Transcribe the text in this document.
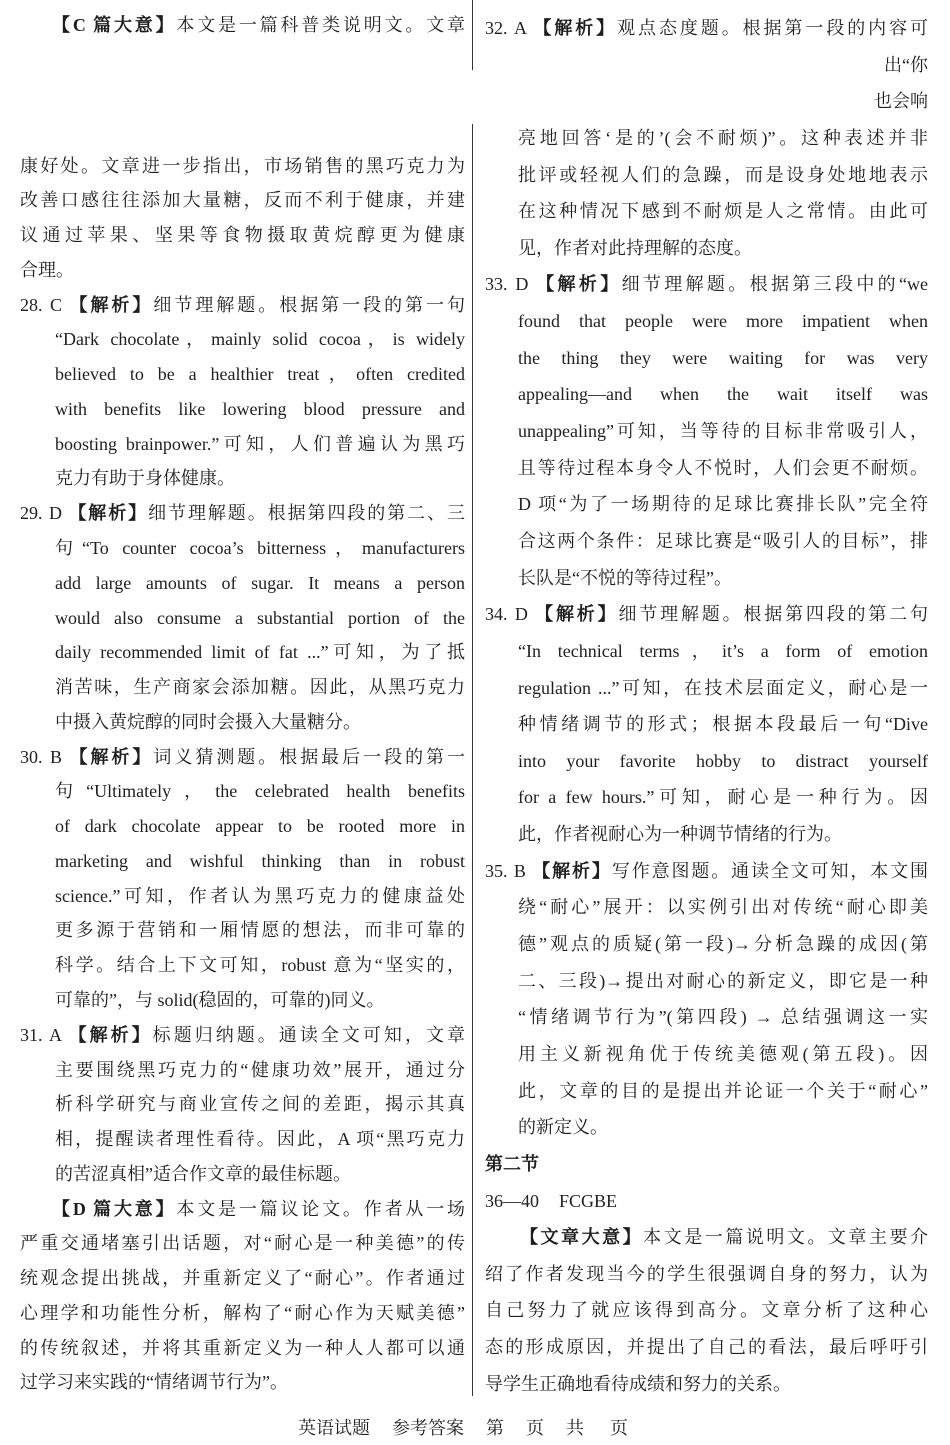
【C 篇大意】本文是一篇科普类说明文。文章
康好处。文章进一步指出，市场销售的黑巧克力为
改善口感往往添加大量糖，反而不利于健康，并建
议通过苹果、坚果等食物摄取黄烷醇更为健康
合理。
28. C 【解析】细节理解题。根据第一段的第一句
“Dark chocolate，mainly solid cocoa，is widely
believed to be a healthier treat，often credited
with benefits like lowering blood pressure and
boosting brainpower.”可知，人们普遍认为黑巧
克力有助于身体健康。
29. D 【解析】细节理解题。根据第四段的第二、三
句“To counter cocoa’s bitterness，manufacturers
add large amounts of sugar. It means a person
would also consume a substantial portion of the
daily recommended limit of fat ...”可知，为了抵
消苦味，生产商家会添加糖。因此，从黑巧克力
中摄入黄烷醇的同时会摄入大量糖分。
30. B 【解析】词义猜测题。根据最后一段的第一
句“Ultimately，the celebrated health benefits
of dark chocolate appear to be rooted more in
marketing and wishful thinking than in robust
science.”可知，作者认为黑巧克力的健康益处
更多源于营销和一厢情愿的想法，而非可靠的
科学。结合上下文可知，robust 意为“坚实的，
可靠的”，与 solid(稳固的，可靠的)同义。
31. A 【解析】标题归纳题。通读全文可知，文章
主要围绕黑巧克力的“健康功效”展开，通过分
析科学研究与商业宣传之间的差距，揭示其真
相，提醒读者理性看待。因此，A 项“黑巧克力
的苦涩真相”适合作文章的最佳标题。
【D 篇大意】本文是一篇议论文。作者从一场
严重交通堵塞引出话题，对“耐心是一种美德”的传
统观念提出挑战，并重新定义了“耐心”。作者通过
心理学和功能性分析，解构了“耐心作为天赋美德”
的传统叙述，并将其重新定义为一种人人都可以通
过学习来实践的“情绪调节行为”。
32. A 【解析】观点态度题。根据第一段的内容可
出“你
也会响
亮地回答‘是的’(会不耐烦)”。这种表述并非
批评或轻视人们的急躁，而是设身处地地表示
在这种情况下感到不耐烦是人之常情。由此可
见，作者对此持理解的态度。
33. D 【解析】细节理解题。根据第三段中的“we
found that people were more impatient when
the thing they were waiting for was very
appealing—and when the wait itself was
unappealing”可知，当等待的目标非常吸引人，
且等待过程本身令人不悦时，人们会更不耐烦。
D 项“为了一场期待的足球比赛排长队”完全符
合这两个条件：足球比赛是“吸引人的目标”，排
长队是“不悦的等待过程”。
34. D 【解析】细节理解题。根据第四段的第二句
“In technical terms，it’s a form of emotion
regulation ...”可知，在技术层面定义，耐心是一
种情绪调节的形式；根据本段最后一句“Dive
into your favorite hobby to distract yourself
for a few hours.”可知，耐心是一种行为。因
此，作者视耐心为一种调节情绪的行为。
35. B 【解析】写作意图题。通读全文可知，本文围
绕“耐心”展开：以实例引出对传统“耐心即美
德”观点的质疑(第一段)→分析急躁的成因(第
二、三段)→提出对耐心的新定义，即它是一种
“情绪调节行为”(第四段) → 总结强调这一实
用主义新视角优于传统美德观(第五段)。因
此，文章的目的是提出并论证一个关于“耐心”
的新定义。
第二节
36—40 FCGBE
【文章大意】本文是一篇说明文。文章主要介
绍了作者发现当今的学生很强调自身的努力，认为
自己努力了就应该得到高分。文章分析了这种心
态的形成原因，并提出了自己的看法，最后呼吁引
导学生正确地看待成绩和努力的关系。
英语试题 参考答案 第 页 共 页
